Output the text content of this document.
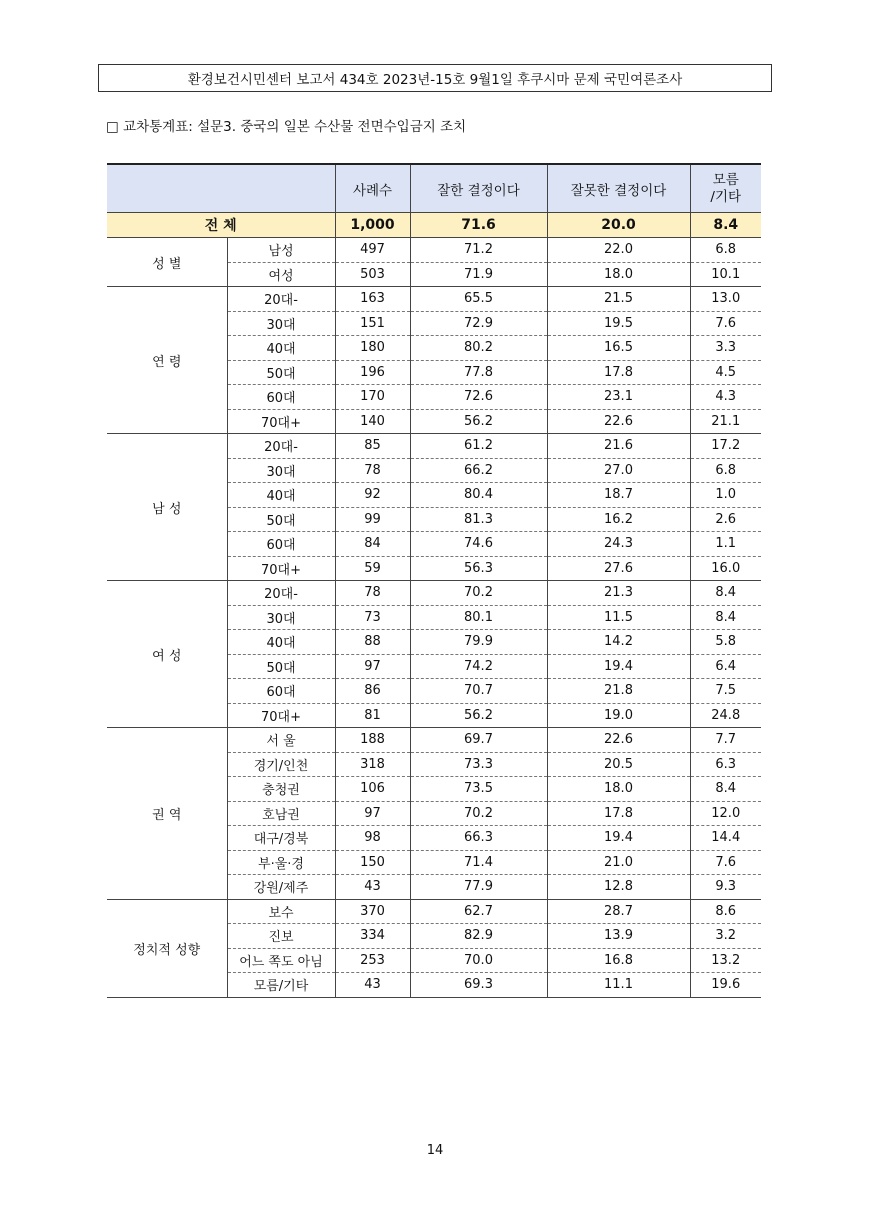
환경보건시민센터 보고서 434호 2023년-15호 9월1일 후쿠시마 문제 국민여론조사
□ 교차통계표: 설문3. 중국의 일본 수산물 전면수입금지 조치
		사례수	잘한 결정이다	잘못한 결정이다	모름
/기타
전 체		1,000	71.6	20.0	8.4
성 별	남성	497	71.2	22.0	6.8
	여성	503	71.9	18.0	10.1
연 령	20대-	163	65.5	21.5	13.0
	30대	151	72.9	19.5	7.6
	40대	180	80.2	16.5	3.3
	50대	196	77.8	17.8	4.5
	60대	170	72.6	23.1	4.3
	70대+	140	56.2	22.6	21.1
남 성	20대-	85	61.2	21.6	17.2
	30대	78	66.2	27.0	6.8
	40대	92	80.4	18.7	1.0
	50대	99	81.3	16.2	2.6
	60대	84	74.6	24.3	1.1
	70대+	59	56.3	27.6	16.0
여 성	20대-	78	70.2	21.3	8.4
	30대	73	80.1	11.5	8.4
	40대	88	79.9	14.2	5.8
	50대	97	74.2	19.4	6.4
	60대	86	70.7	21.8	7.5
	70대+	81	56.2	19.0	24.8
권 역	서 울	188	69.7	22.6	7.7
	경기/인천	318	73.3	20.5	6.3
	충청권	106	73.5	18.0	8.4
	호남권	97	70.2	17.8	12.0
	대구/경북	98	66.3	19.4	14.4
	부·울·경	150	71.4	21.0	7.6
	강원/제주	43	77.9	12.8	9.3
정치적 성향	보수	370	62.7	28.7	8.6
	진보	334	82.9	13.9	3.2
	어느 쪽도 아님	253	70.0	16.8	13.2
	모름/기타	43	69.3	11.1	19.6
14
